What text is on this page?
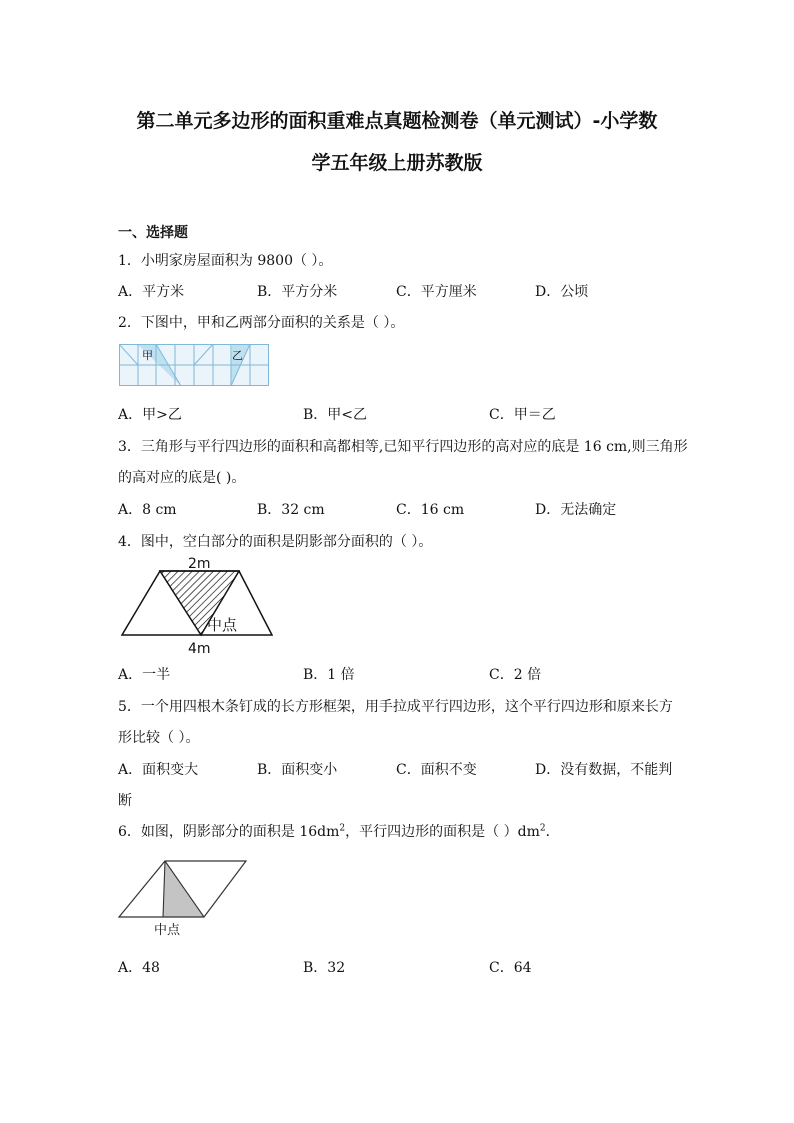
第二单元多边形的面积重难点真题检测卷（单元测试）-小学数
学五年级上册苏教版
一、选择题
1．小明家房屋面积为 9800（ ）。
A．平方米	B．平方分米	C．平方厘米	D．公顷
2．下图中，甲和乙两部分面积的关系是（ ）。
甲	乙
A．甲>乙	B．甲<乙	C．甲＝乙
3．三角形与平行四边形的面积和高都相等,已知平行四边形的高对应的底是 16 cm,则三角形
的高对应的底是( )。
A．8 cm	B．32 cm	C．16 cm	D．无法确定
4．图中，空白部分的面积是阴影部分面积的（ ）。
2m
中点
4m
A．一半	B．1 倍	C．2 倍
5．一个用四根木条钉成的长方形框架，用手拉成平行四边形，这个平行四边形和原来长方
形比较（ ）。
A．面积变大	B．面积变小	C．面积不变	D．没有数据，不能判
断
6．如图，阴影部分的面积是 $16dm^2$，平行四边形的面积是（ ）$dm^2$．
中点
A．48	B．32	C．64
